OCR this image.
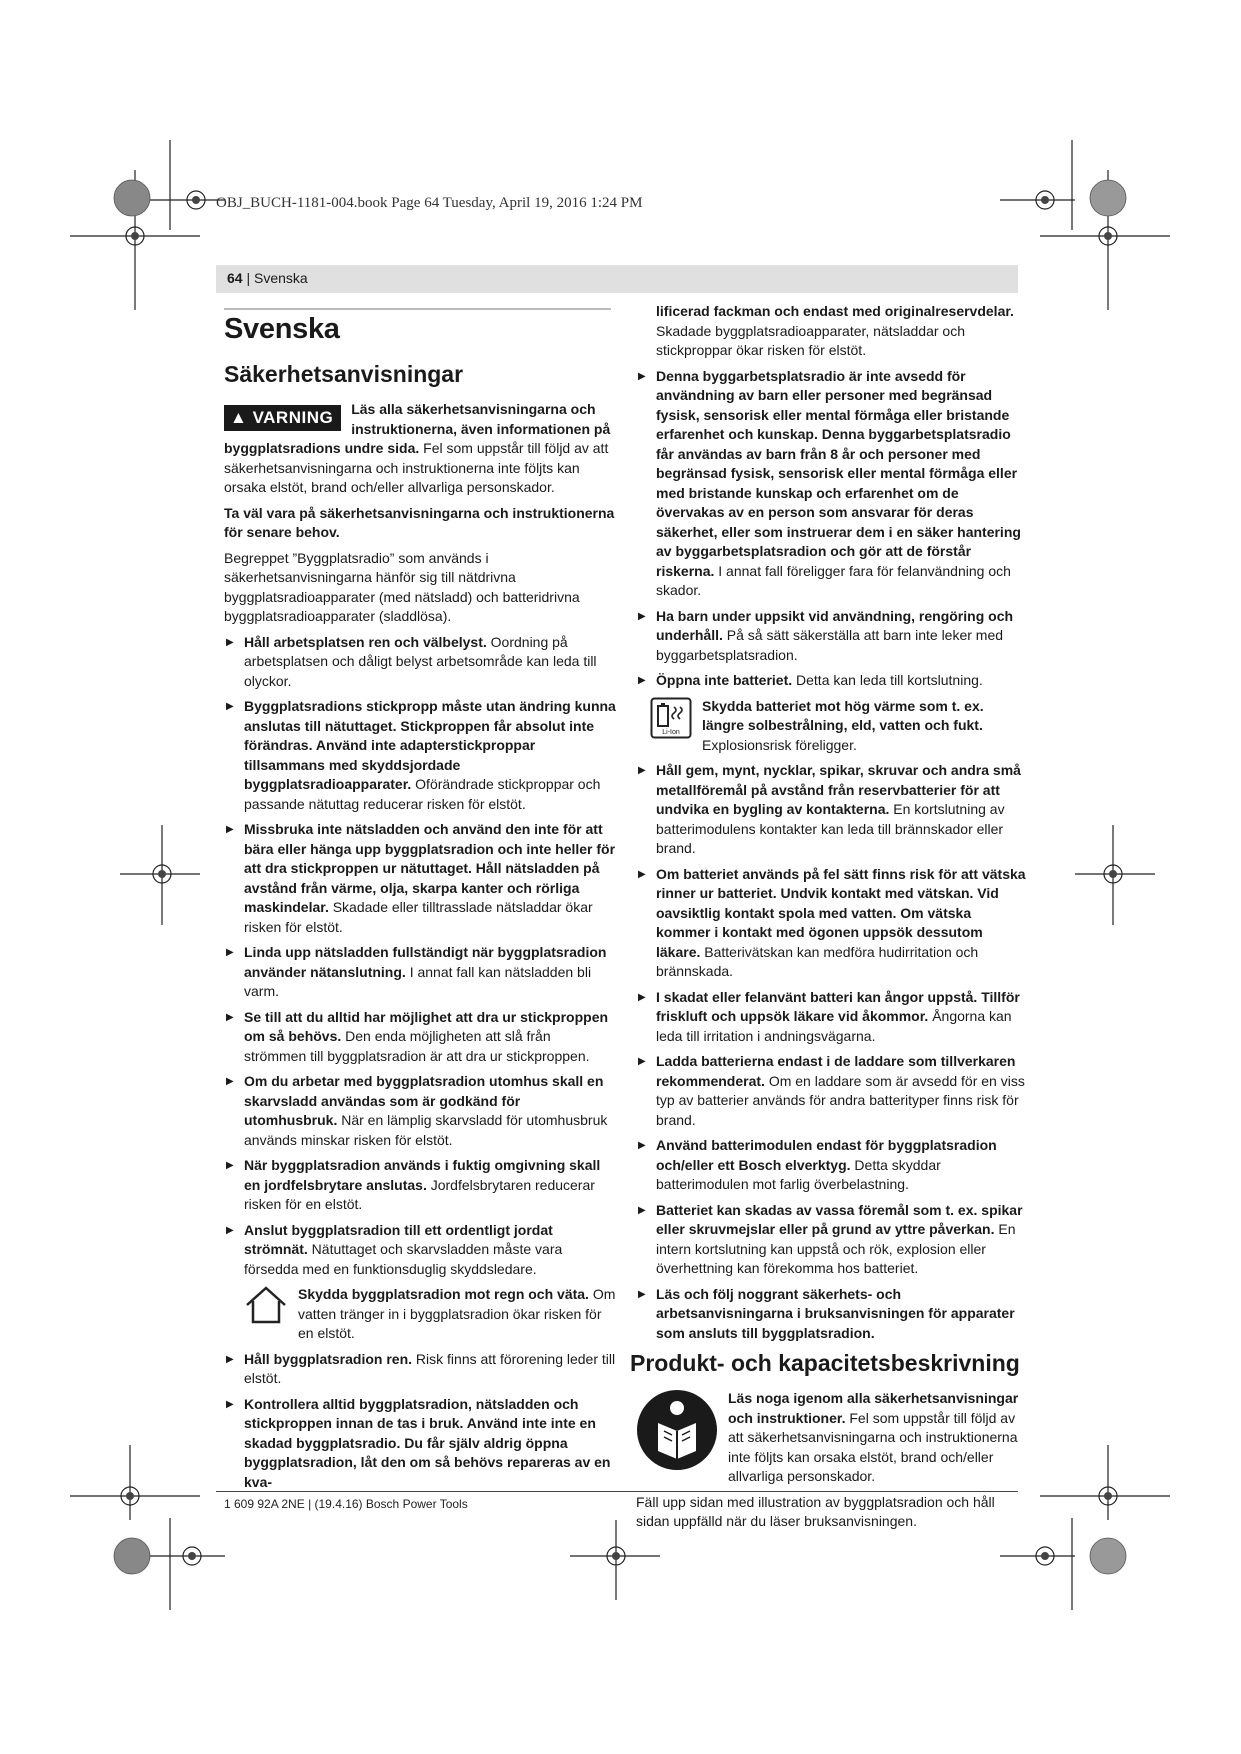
OBJ_BUCH-1181-004.book Page 64 Tuesday, April 19, 2016 1:24 PM
64 | Svenska
Svenska
Säkerhetsanvisningar

▲ VARNING	Läs alla säkerhetsanvisningarna och instruktionerna, även informationen på byggplatsradions undre sida. Fel som uppstår till följd av att säkerhetsanvisningarna och instruktionerna inte följts kan orsaka elstöt, brand och/eller allvarliga personskador.

Ta väl vara på säkerhetsanvisningarna och instruktionerna för senare behov.

Begreppet ”Byggplatsradio” som används i säkerhetsanvisningarna hänför sig till nätdrivna byggplatsradioapparater (med nätsladd) och batteridrivna byggplatsradioapparater (sladdlösa).

▶ Håll arbetsplatsen ren och välbelyst. Oordning på arbetsplatsen och dåligt belyst arbetsområde kan leda till olyckor.
▶ Byggplatsradions stickpropp måste utan ändring kunna anslutas till nätuttaget. Stickproppen får absolut inte förändras. Använd inte adapterstickproppar tillsammans med skyddsjordade byggplatsradioapparater. Oförändrade stickproppar och passande nätuttag reducerar risken för elstöt.
▶ Missbruka inte nätsladden och använd den inte för att bära eller hänga upp byggplatsradion och inte heller för att dra stickproppen ur nätuttaget. Håll nätsladden på avstånd från värme, olja, skarpa kanter och rörliga maskindelar. Skadade eller tilltrasslade nätsladdar ökar risken för elstöt.
▶ Linda upp nätsladden fullständigt när byggplatsradion använder nätanslutning. I annat fall kan nätsladden bli varm.
▶ Se till att du alltid har möjlighet att dra ur stickproppen om så behövs. Den enda möjligheten att slå från strömmen till byggplatsradion är att dra ur stickproppen.
▶ Om du arbetar med byggplatsradion utomhus skall en skarvsladd användas som är godkänd för utomhusbruk. När en lämplig skarvsladd för utomhusbruk används minskar risken för elstöt.
▶ När byggplatsradion används i fuktig omgivning skall en jordfelsbrytare anslutas. Jordfelsbrytaren reducerar risken för en elstöt.
▶ Anslut byggplatsradion till ett ordentligt jordat strömnät. Nätuttaget och skarvsladden måste vara försedda med en funktionsduglig skyddsledare.
Skydda byggplatsradion mot regn och väta. Om vatten tränger in i byggplatsradion ökar risken för en elstöt.
▶ Håll byggplatsradion ren. Risk finns att förorening leder till elstöt.
▶ Kontrollera alltid byggplatsradion, nätsladden och stickproppen innan de tas i bruk. Använd inte inte en skadad byggplatsradio. Du får själv aldrig öppna byggplatsradion, låt den om så behövs repareras av en kva-

lificerad fackman och endast med originalreservdelar. Skadade byggplatsradioapparater, nätsladdar och stickproppar ökar risken för elstöt.

▶ Denna byggarbetsplatsradio är inte avsedd för användning av barn eller personer med begränsad fysisk, sensorisk eller mental förmåga eller bristande erfarenhet och kunskap. Denna byggarbetsplatsradio får användas av barn från 8 år och personer med begränsad fysisk, sensorisk eller mental förmåga eller med bristande kunskap och erfarenhet om de övervakas av en person som ansvarar för deras säkerhet, eller som instruerar dem i en säker hantering av byggarbetsplatsradion och gör att de förstår riskerna. I annat fall föreligger fara för felanvändning och skador.
▶ Ha barn under uppsikt vid användning, rengöring och underhåll. På så sätt säkerställa att barn inte leker med byggarbetsplatsradion.
▶ Öppna inte batteriet. Detta kan leda till kortslutning.
Li-Ion
Skydda batteriet mot hög värme som t. ex. längre solbestrålning, eld, vatten och fukt. Explosionsrisk föreligger.
▶ Håll gem, mynt, nycklar, spikar, skruvar och andra små metallföremål på avstånd från reservbatterier för att undvika en bygling av kontakterna. En kortslutning av batterimodulens kontakter kan leda till brännskador eller brand.
▶ Om batteriet används på fel sätt finns risk för att vätska rinner ur batteriet. Undvik kontakt med vätskan. Vid oavsiktlig kontakt spola med vatten. Om vätska kommer i kontakt med ögonen uppsök dessutom läkare. Batterivätskan kan medföra hudirritation och brännskada.
▶ I skadat eller felanvänt batteri kan ångor uppstå. Tillför friskluft och uppsök läkare vid åkommor. Ångorna kan leda till irritation i andningsvägarna.
▶ Ladda batterierna endast i de laddare som tillverkaren rekommenderat. Om en laddare som är avsedd för en viss typ av batterier används för andra batterityper finns risk för brand.
▶ Använd batterimodulen endast för byggplatsradion och/eller ett Bosch elverktyg. Detta skyddar batterimodulen mot farlig överbelastning.
▶ Batteriet kan skadas av vassa föremål som t. ex. spikar eller skruvmejslar eller på grund av yttre påverkan. En intern kortslutning kan uppstå och rök, explosion eller överhettning kan förekomma hos batteriet.
▶ Läs och följ noggrant säkerhets- och arbetsanvisningarna i bruksanvisningen för apparater som ansluts till byggplatsradion.
Produkt- och kapacitetsbeskrivning
Läs noga igenom alla säkerhetsanvisningar och instruktioner. Fel som uppstår till följd av att säkerhetsanvisningarna och instruktionerna inte följts kan orsaka elstöt, brand och/eller allvarliga personskador.

Fäll upp sidan med illustration av byggplatsradion och håll sidan uppfälld när du läser bruksanvisningen.

1 609 92A 2NE | (19.4.16) Bosch Power Tools
